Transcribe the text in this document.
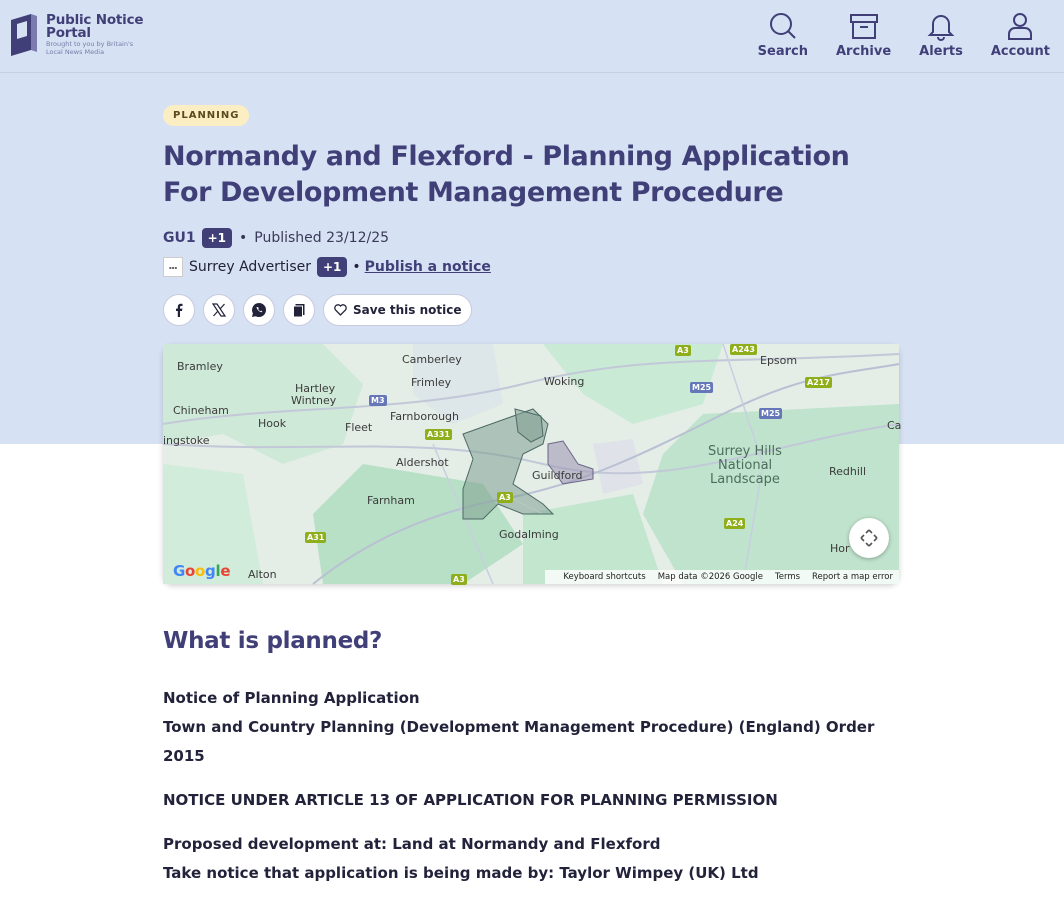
Public Notice
Portal
Brought to you by Britain's
Local News Media	Search Archive Alerts Account
PLANNING
Normandy and Flexford - Planning Application
For Development Management Procedure
GU1	+1 • Published 23/12/25
▪▪▪ Surrey Advertiser	+1 • Publish a notice
Save this notice
Bramley
Camberley	Epsom
Hartley
Wintney
Frimley	Woking
Chineham
Hook
Farnborough
Fleet
ingstoke
Aldershot
Guildford
Surrey Hills
National
Landscape
Redhill
Farnham
Godalming
Alton
Hor
Ca
A3	A243
M25
A217
M3
M25
A331
A3
A24
A31
A3
Google	Keyboard shortcuts Map data ©2026 Google Terms Report a map error
What is planned?
Notice of Planning Application
Town and Country Planning (Development Management Procedure) (England) Order
2015
NOTICE UNDER ARTICLE 13 OF APPLICATION FOR PLANNING PERMISSION
Proposed development at: Land at Normandy and Flexford
Take notice that application is being made by: Taylor Wimpey (UK) Ltd
